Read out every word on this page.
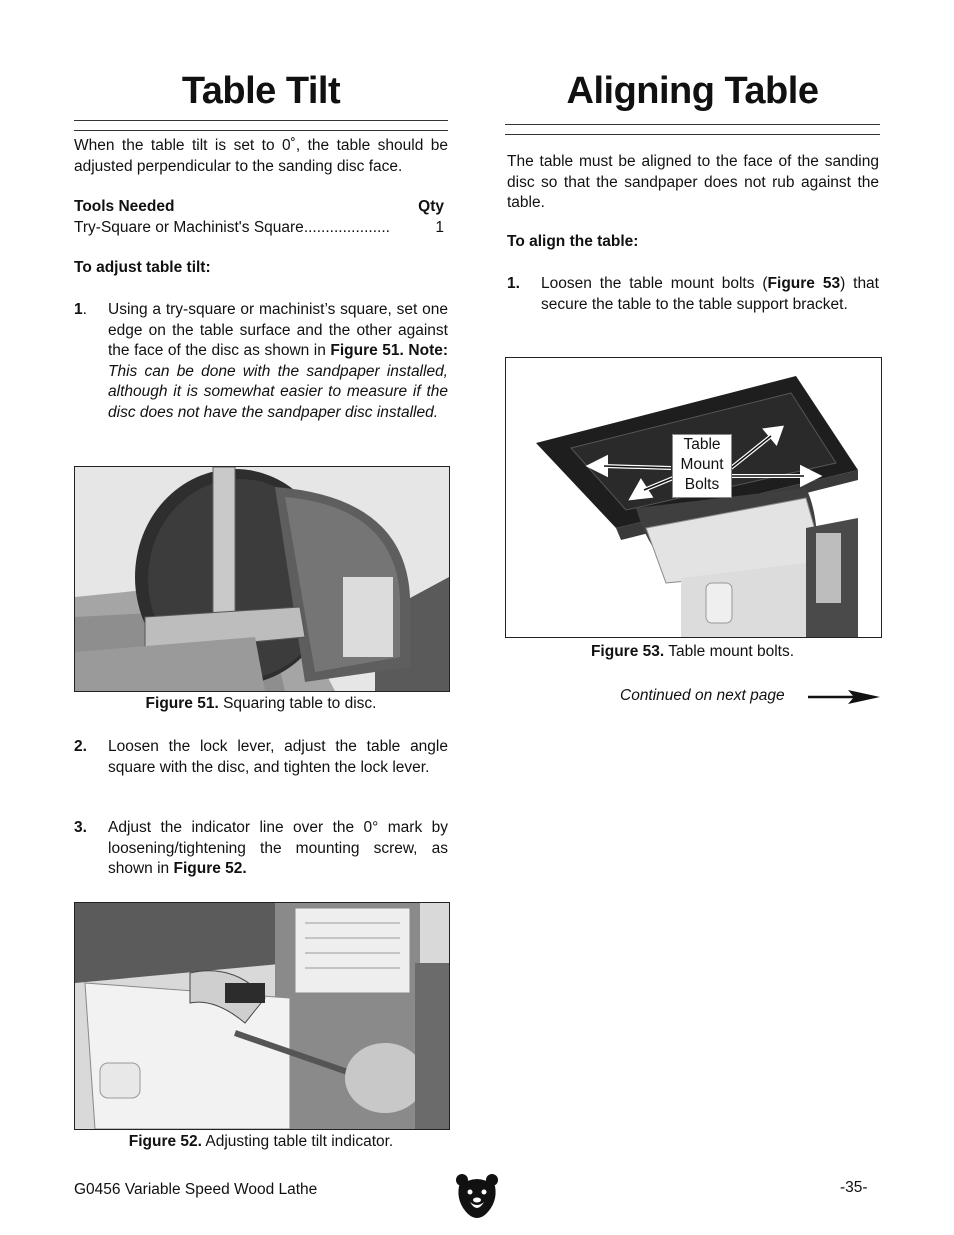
Table Tilt
When the table tilt is set to 0˚, the table should be adjusted perpendicular to the sanding disc face.
Tools Needed	Qty
Try-Square or Machinist's Square....................	1
To adjust table tilt:
1. Using a try-square or machinist’s square, set one edge on the table surface and the other against the face of the disc as shown in Figure 51. Note: This can be done with the sandpaper installed, although it is somewhat easier to measure if the disc does not have the sandpaper disc installed.
Figure 51. Squaring table to disc.
2. Loosen the lock lever, adjust the table angle square with the disc, and tighten the lock lever.
3. Adjust the indicator line over the 0° mark by loosening/tightening the mounting screw, as shown in Figure 52.
Figure 52. Adjusting table tilt indicator.
Aligning Table
The table must be aligned to the face of the sanding disc so that the sandpaper does not rub against the table.
To align the table:
1. Loosen the table mount bolts (Figure 53) that secure the table to the table support bracket.
Table
Mount
Bolts
Figure 53. Table mount bolts.
Continued on next page
G0456 Variable Speed Wood Lathe	-35-
